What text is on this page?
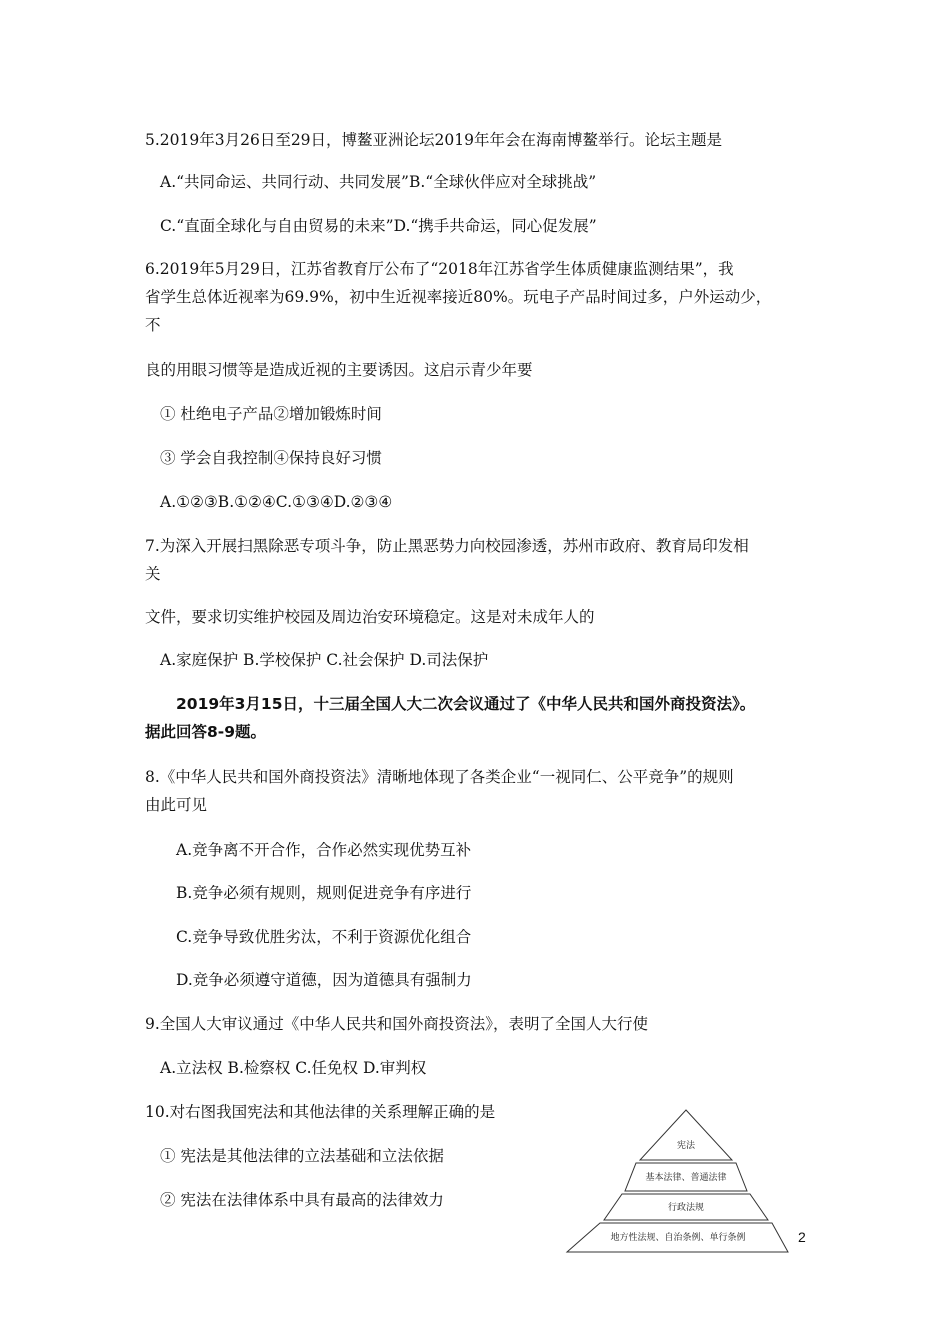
5.2019年3月26日至29日，博鳌亚洲论坛2019年年会在海南博鳌举行。论坛主题是
A.“共同命运、共同行动、共同发展”B.“全球伙伴应对全球挑战”
C.“直面全球化与自由贸易的未来”D.“携手共命运，同心促发展”
6.2019年5月29日，江苏省教育厅公布了“2018年江苏省学生体质健康监测结果”，我
省学生总体近视率为69.9%，初中生近视率接近80%。玩电子产品时间过多，户外运动少，
不
良的用眼习惯等是造成近视的主要诱因。这启示青少年要
① 杜绝电子产品②增加锻炼时间
③ 学会自我控制④保持良好习惯
A.①②③B.①②④C.①③④D.②③④
7.为深入开展扫黑除恶专项斗争，防止黑恶势力向校园渗透，苏州市政府、教育局印发相
关
文件，要求切实维护校园及周边治安环境稳定。这是对未成年人的
A.家庭保护 B.学校保护 C.社会保护 D.司法保护
2019年3月15日，十三届全国人大二次会议通过了《中华人民共和国外商投资法》。
据此回答8-9题。
8.《中华人民共和国外商投资法》清晰地体现了各类企业“一视同仁、公平竞争”的规则
由此可见
A.竞争离不开合作，合作必然实现优势互补
B.竞争必须有规则，规则促进竞争有序进行
C.竞争导致优胜劣汰，不利于资源优化组合
D.竞争必须遵守道德，因为道德具有强制力
9.全国人大审议通过《中华人民共和国外商投资法》，表明了全国人大行使
A.立法权 B.检察权 C.任免权 D.审判权
10.对右图我国宪法和其他法律的关系理解正确的是
① 宪法是其他法律的立法基础和立法依据
② 宪法在法律体系中具有最高的法律效力
宪法
基本法律、普通法律
行政法规
地方性法规、自治条例、单行条例	2
